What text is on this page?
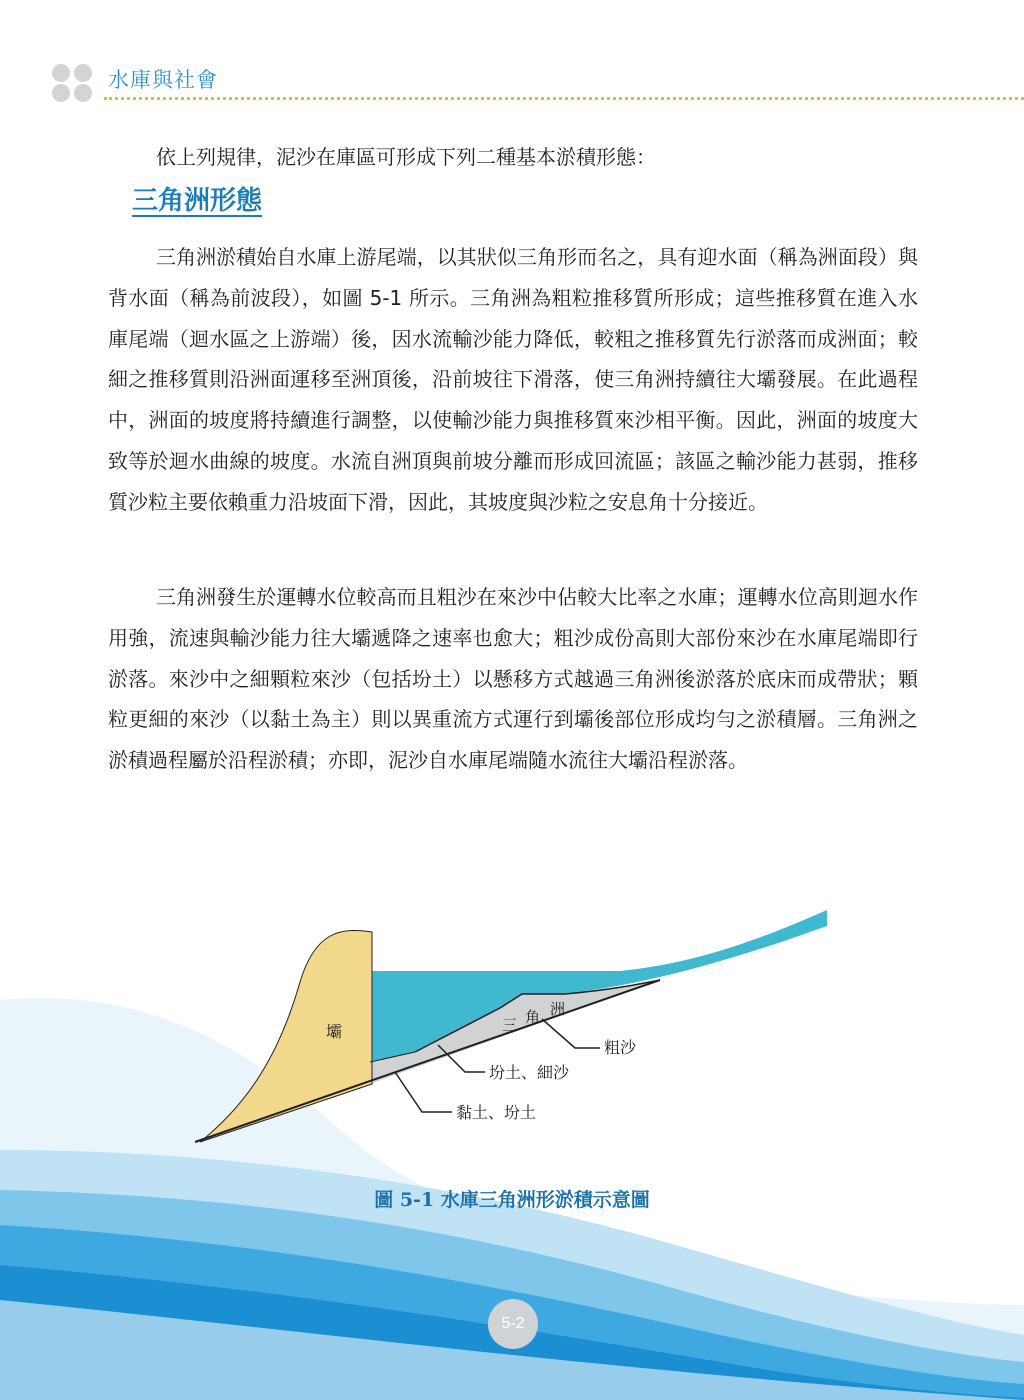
水庫與社會

依上列規律，泥沙在庫區可形成下列二種基本淤積形態：

三角洲形態

三角洲淤積始自水庫上游尾端，以其狀似三角形而名之，具有迎水面（稱為洲面段）與背水面（稱為前波段），如圖 5-1 所示。三角洲為粗粒推移質所形成；這些推移質在進入水庫尾端（迴水區之上游端）後，因水流輸沙能力降低，較粗之推移質先行淤落而成洲面；較細之推移質則沿洲面運移至洲頂後，沿前坡往下滑落，使三角洲持續往大壩發展。在此過程中，洲面的坡度將持續進行調整，以使輸沙能力與推移質來沙相平衡。因此，洲面的坡度大致等於迴水曲線的坡度。水流自洲頂與前坡分離而形成回流區；該區之輸沙能力甚弱，推移質沙粒主要依賴重力沿坡面下滑，因此，其坡度與沙粒之安息角十分接近。

三角洲發生於運轉水位較高而且粗沙在來沙中佔較大比率之水庫；運轉水位高則迴水作用強，流速與輸沙能力往大壩遞降之速率也愈大；粗沙成份高則大部份來沙在水庫尾端即行淤落。來沙中之細顆粒來沙（包括坋土）以懸移方式越過三角洲後淤落於底床而成帶狀；顆粒更細的來沙（以黏土為主）則以異重流方式運行到壩後部位形成均勻之淤積層。三角洲之淤積過程屬於沿程淤積；亦即，泥沙自水庫尾端隨水流往大壩沿程淤落。

壩	三 角 洲
粗沙
坋土、細沙
黏土、坋土
圖 5-1 水庫三角洲形淤積示意圖
5-2
